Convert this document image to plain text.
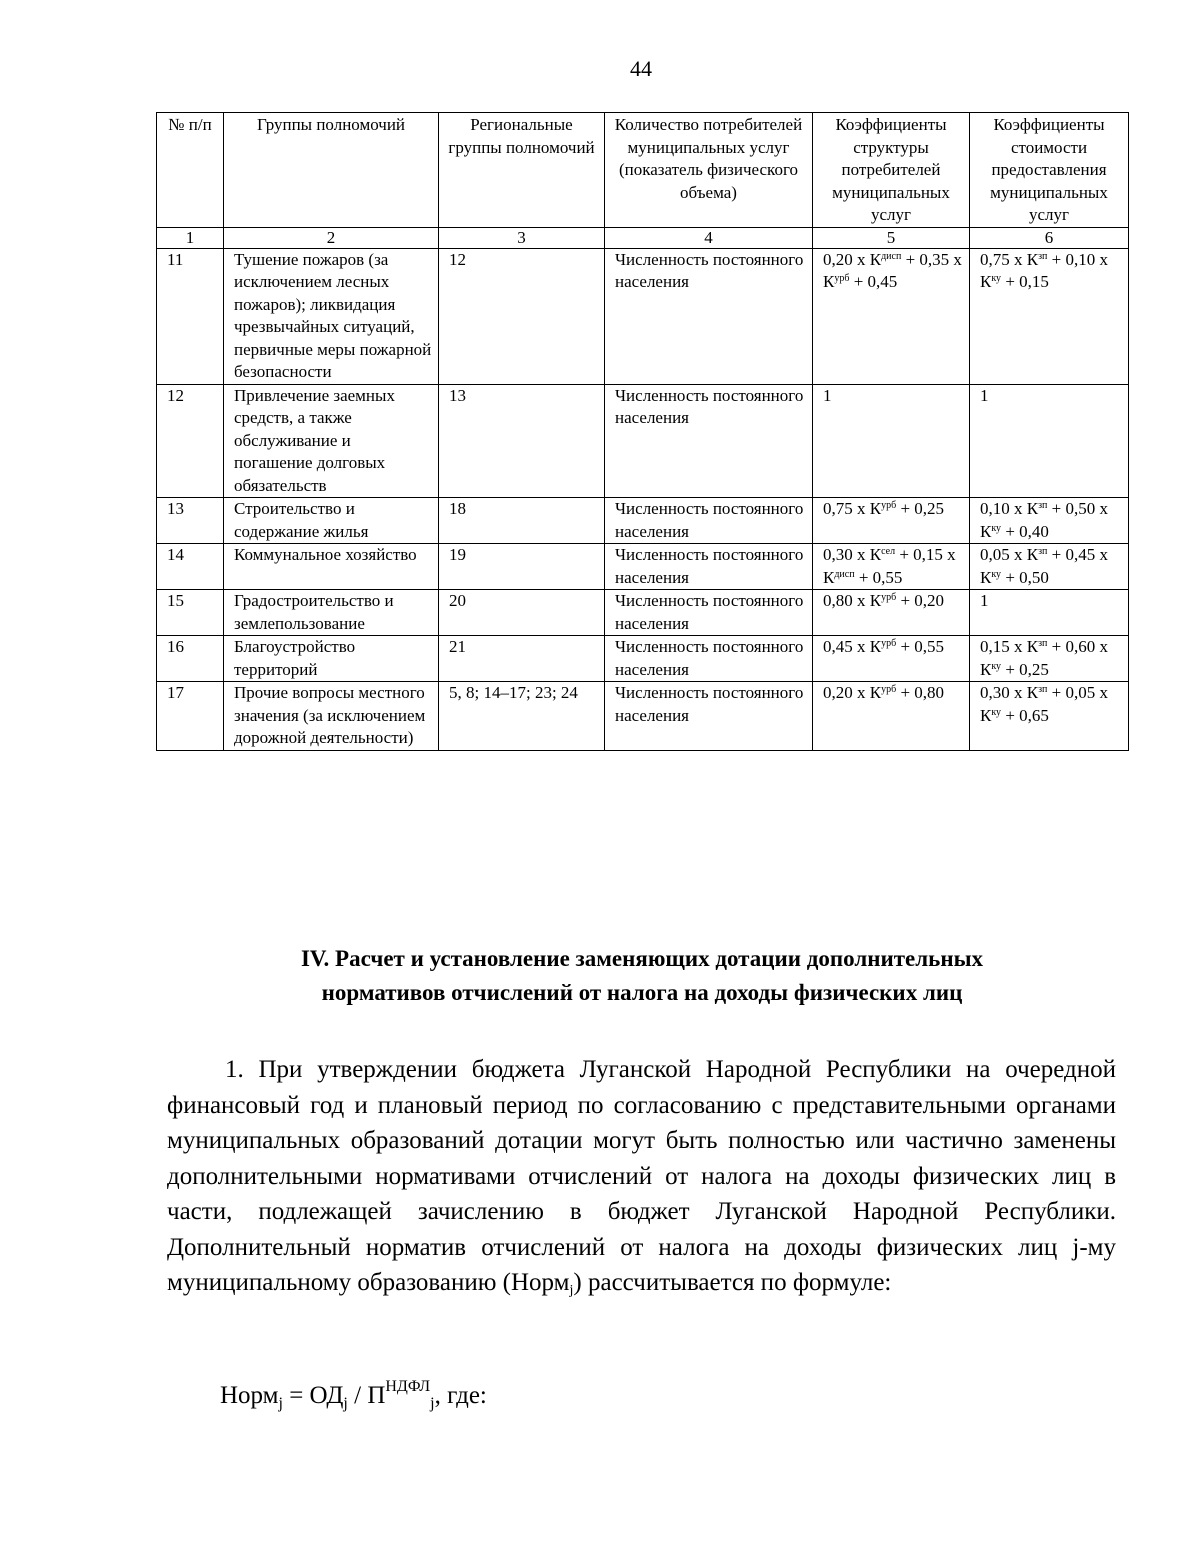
44
№ п/п	Группы полномочий	Региональные группы полномочий	Количество потребителей муниципальных услуг (показатель физического объема)	Коэффициенты структуры потребителей муниципальных услуг	Коэффициенты стоимости предоставления муниципальных услуг
1	2	3	4	5	6
11	Тушение пожаров (за исключением лесных пожаров); ликвидация чрезвычайных ситуаций, первичные меры пожарной безопасности	12	Численность постоянного населения	0,20 x $К^{дисп} + 0,35$ x $К^{урб} + 0,45$	0,75 x $К^{зп} + 0,10$ x $К^{ку} + 0,15$
12	Привлечение заемных средств, а также обслуживание и погашение долговых обязательств	13	Численность постоянного населения	1	1
13	Строительство и содержание жилья	18	Численность постоянного населения	0,75 x $К^{урб} + 0,25$	0,10 x $К^{зп} + 0,50$ x $К^{ку} + 0,40$
14	Коммунальное хозяйство	19	Численность постоянного населения	0,30 x $К^{сел} + 0,15$ x $К^{дисп} + 0,55$	0,05 x $К^{зп} + 0,45$ x $К^{ку} + 0,50$
15	Градостроительство и землепользование	20	Численность постоянного населения	0,80 x $К^{урб} + 0,20$	1
16	Благоустройство территорий	21	Численность постоянного населения	0,45 x $К^{урб} + 0,55$	0,15 x $К^{зп} + 0,60$ x $К^{ку} + 0,25$
17	Прочие вопросы местного значения (за исключением дорожной деятельности)	5, 8; 14–17; 23; 24	Численность постоянного населения	0,20 x $К^{урб} + 0,80$	0,30 x $К^{зп} + 0,05$ x $К^{ку} + 0,65$
IV. Расчет и установление заменяющих дотации дополнительных
нормативов отчислений от налога на доходы физических лиц
1. При утверждении бюджета Луганской Народной Республики на очередной финансовый год и плановый период по согласованию с представительными органами муниципальных образований дотации могут быть полностью или частично заменены дополнительными нормативами отчислений от налога на доходы физических лиц в части, подлежащей зачислению в бюджет Луганской Народной Республики. Дополнительный норматив отчислений от налога на доходы физических лиц j-му муниципальному образованию (Норм$_j$) рассчитывается по формуле:
Норм$_j$ = $ОД_j / П^{НДФЛ}_j$, где:
